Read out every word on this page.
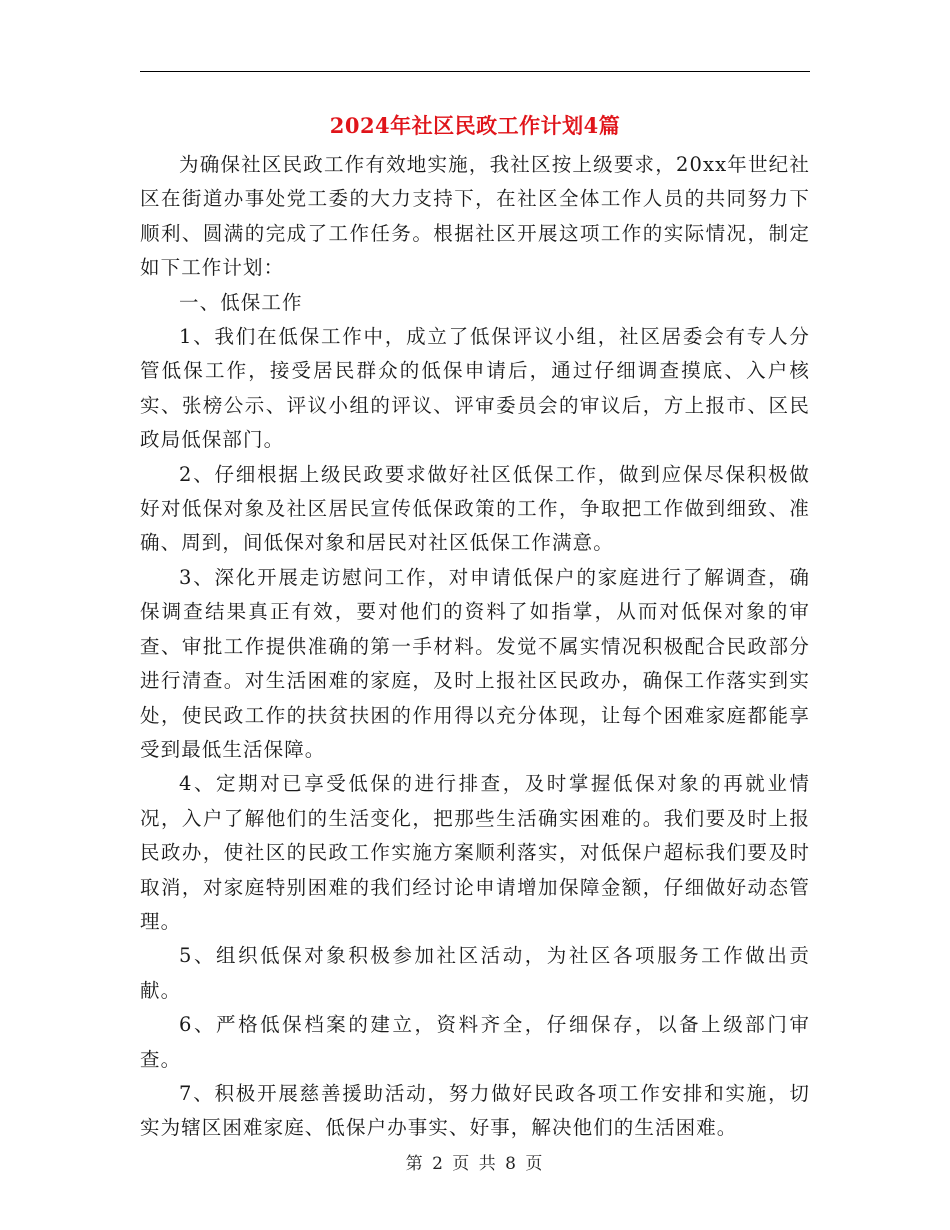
2024年社区民政工作计划4篇

为确保社区民政工作有效地实施，我社区按上级要求，20xx年世纪社区在街道办事处党工委的大力支持下，在社区全体工作人员的共同努力下顺利、圆满的完成了工作任务。根据社区开展这项工作的实际情况，制定如下工作计划：

一、低保工作

1、我们在低保工作中，成立了低保评议小组，社区居委会有专人分管低保工作，接受居民群众的低保申请后，通过仔细调查摸底、入户核实、张榜公示、评议小组的评议、评审委员会的审议后，方上报市、区民政局低保部门。

2、仔细根据上级民政要求做好社区低保工作，做到应保尽保积极做好对低保对象及社区居民宣传低保政策的工作，争取把工作做到细致、准确、周到，间低保对象和居民对社区低保工作满意。

3、深化开展走访慰问工作，对申请低保户的家庭进行了解调查，确保调查结果真正有效，要对他们的资料了如指掌，从而对低保对象的审查、审批工作提供准确的第一手材料。发觉不属实情况积极配合民政部分进行清查。对生活困难的家庭，及时上报社区民政办，确保工作落实到实处，使民政工作的扶贫扶困的作用得以充分体现，让每个困难家庭都能享受到最低生活保障。

4、定期对已享受低保的进行排查，及时掌握低保对象的再就业情况，入户了解他们的生活变化，把那些生活确实困难的。我们要及时上报民政办，使社区的民政工作实施方案顺利落实，对低保户超标我们要及时取消，对家庭特别困难的我们经讨论申请增加保障金额，仔细做好动态管理。

5、组织低保对象积极参加社区活动，为社区各项服务工作做出贡献。

6、严格低保档案的建立，资料齐全，仔细保存，以备上级部门审查。

7、积极开展慈善援助活动，努力做好民政各项工作安排和实施，切实为辖区困难家庭、低保户办事实、好事，解决他们的生活困难。

第 2 页 共 8 页
